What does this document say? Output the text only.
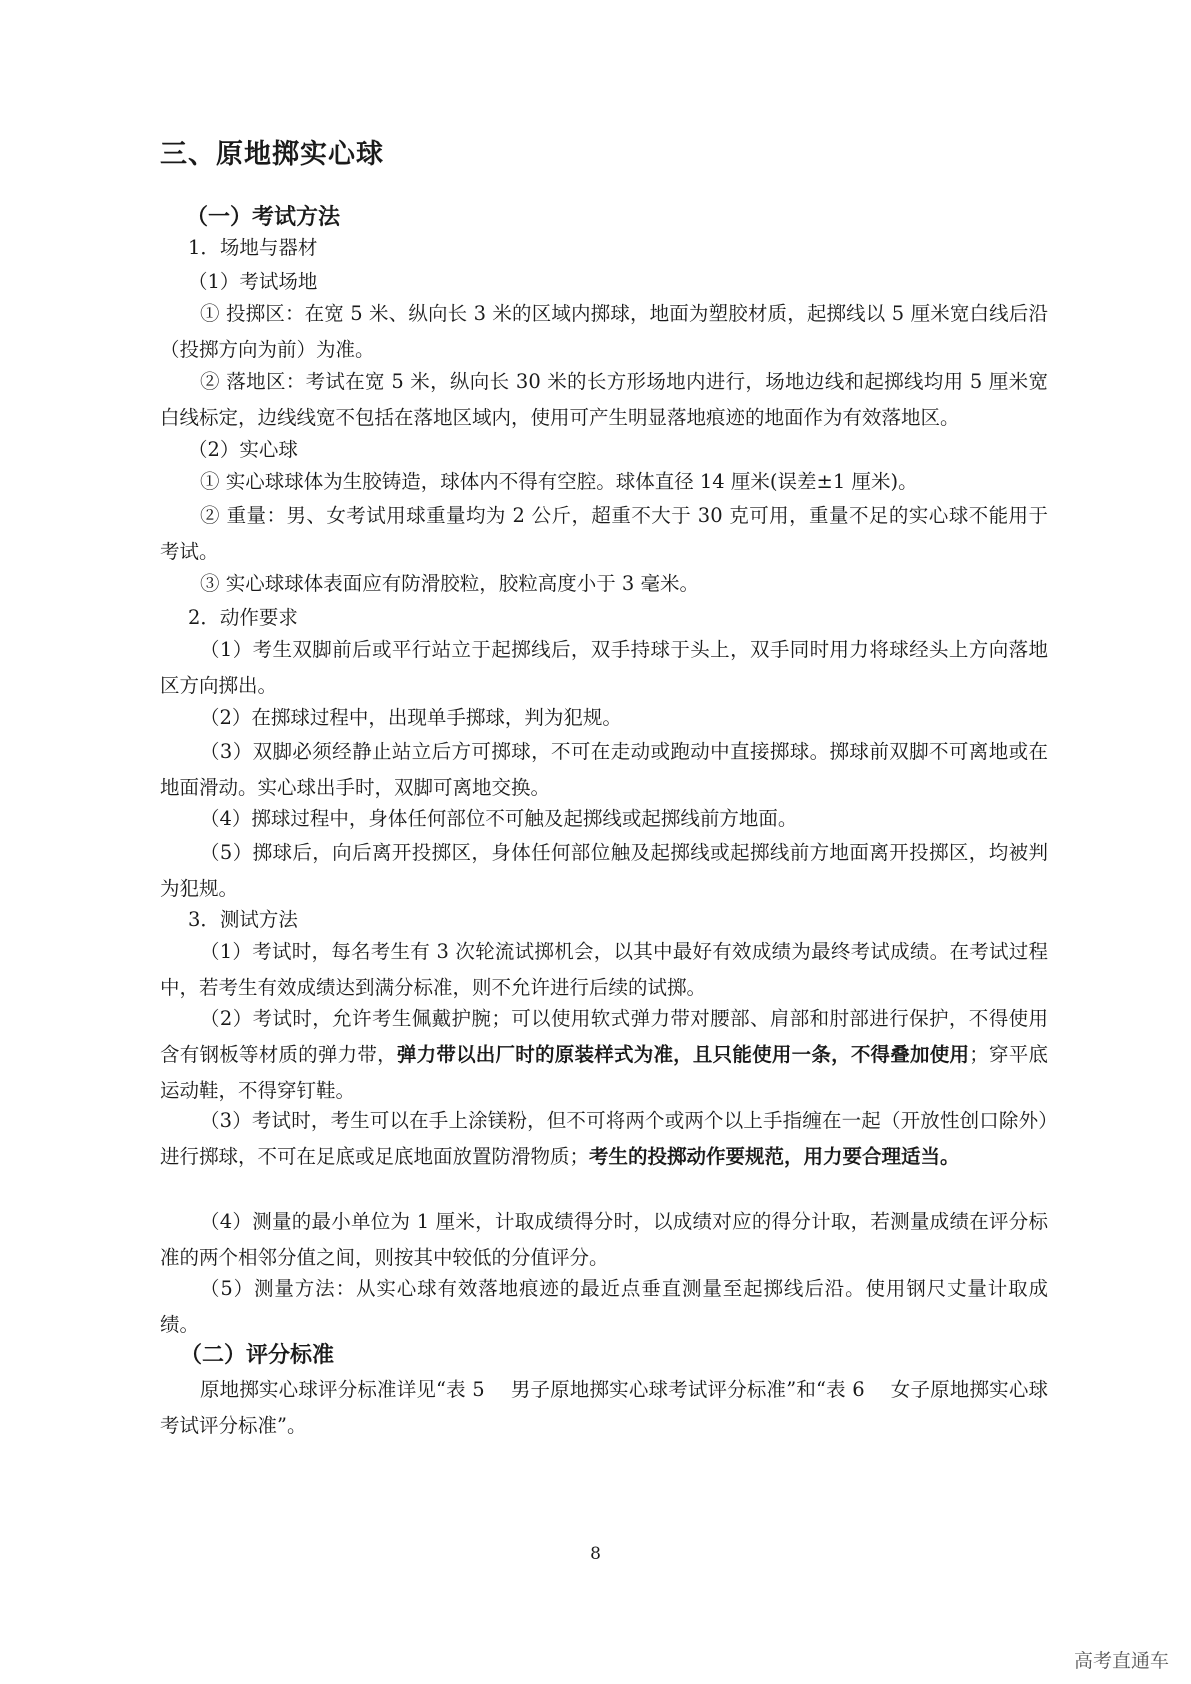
三、原地掷实心球
（一）考试方法
1．场地与器材
（1）考试场地
① 投掷区：在宽 5 米、纵向长 3 米的区域内掷球，地面为塑胶材质，起掷线以 5 厘米宽白线后沿（投掷方向为前）为准。
② 落地区：考试在宽 5 米，纵向长 30 米的长方形场地内进行，场地边线和起掷线均用 5 厘米宽白线标定，边线线宽不包括在落地区域内，使用可产生明显落地痕迹的地面作为有效落地区。
（2）实心球
① 实心球球体为生胶铸造，球体内不得有空腔。球体直径 14 厘米(误差±1 厘米)。
② 重量：男、女考试用球重量均为 2 公斤，超重不大于 30 克可用，重量不足的实心球不能用于考试。
③ 实心球球体表面应有防滑胶粒，胶粒高度小于 3 毫米。
2．动作要求
（1）考生双脚前后或平行站立于起掷线后，双手持球于头上，双手同时用力将球经头上方向落地区方向掷出。
（2）在掷球过程中，出现单手掷球，判为犯规。
（3）双脚必须经静止站立后方可掷球，不可在走动或跑动中直接掷球。掷球前双脚不可离地或在地面滑动。实心球出手时，双脚可离地交换。
（4）掷球过程中，身体任何部位不可触及起掷线或起掷线前方地面。
（5）掷球后，向后离开投掷区，身体任何部位触及起掷线或起掷线前方地面离开投掷区，均被判为犯规。
3．测试方法
（1）考试时，每名考生有 3 次轮流试掷机会，以其中最好有效成绩为最终考试成绩。在考试过程中，若考生有效成绩达到满分标准，则不允许进行后续的试掷。
（2）考试时，允许考生佩戴护腕；可以使用软式弹力带对腰部、肩部和肘部进行保护，不得使用含有钢板等材质的弹力带，弹力带以出厂时的原装样式为准，且只能使用一条，不得叠加使用；穿平底运动鞋，不得穿钉鞋。
（3）考试时，考生可以在手上涂镁粉，但不可将两个或两个以上手指缠在一起（开放性创口除外）进行掷球，不可在足底或足底地面放置防滑物质；考生的投掷动作要规范，用力要合理适当。
（4）测量的最小单位为 1 厘米，计取成绩得分时，以成绩对应的得分计取，若测量成绩在评分标准的两个相邻分值之间，则按其中较低的分值评分。
（5）测量方法：从实心球有效落地痕迹的最近点垂直测量至起掷线后沿。使用钢尺丈量计取成绩。
（二）评分标准
原地掷实心球评分标准详见“表 5　 男子原地掷实心球考试评分标准”和“表 6　 女子原地掷实心球考试评分标准”。
8
高考直通车
